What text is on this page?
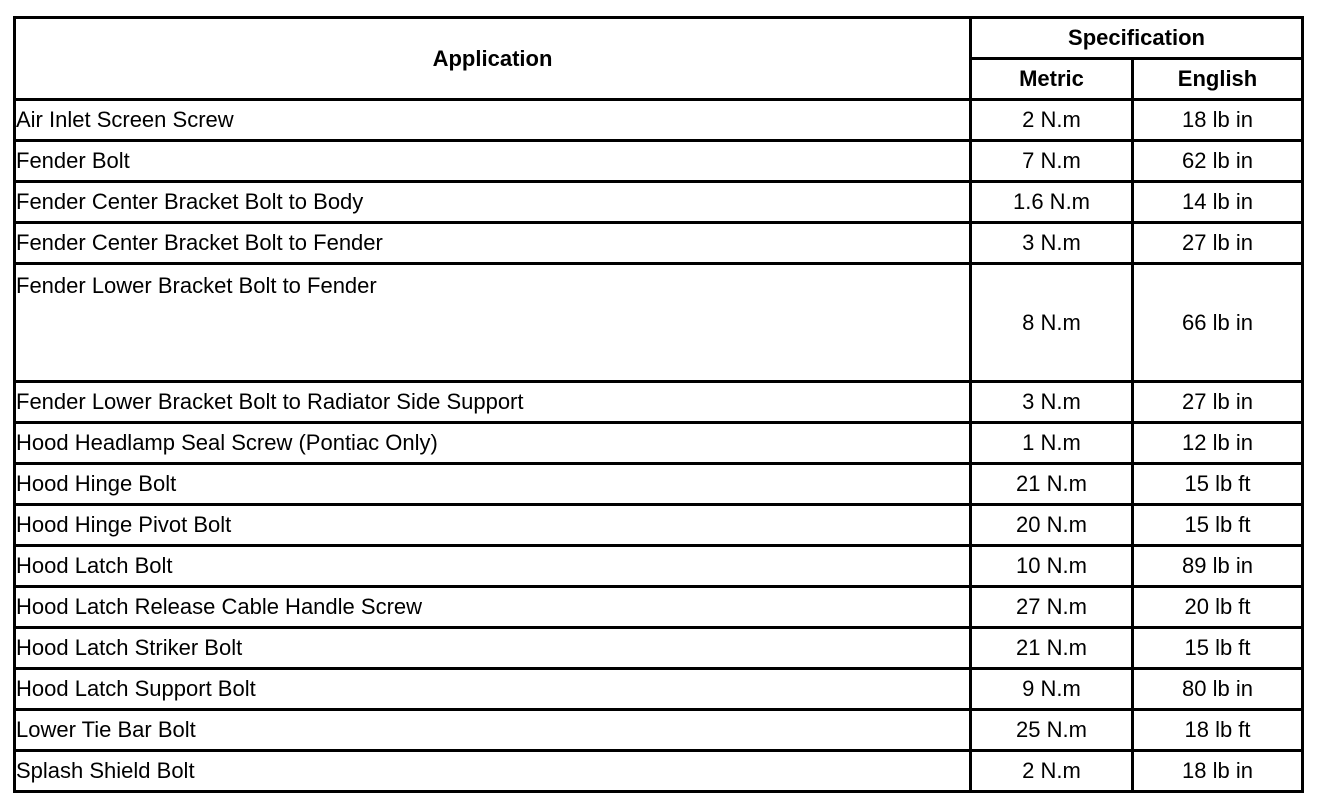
Application	Specification	
	Metric	English
Air Inlet Screen Screw	2 N.m	18 lb in
Fender Bolt	7 N.m	62 lb in
Fender Center Bracket Bolt to Body	1.6 N.m	14 lb in
Fender Center Bracket Bolt to Fender	3 N.m	27 lb in
Fender Lower Bracket Bolt to Fender	8 N.m	66 lb in
Fender Lower Bracket Bolt to Radiator Side Support	3 N.m	27 lb in
Hood Headlamp Seal Screw (Pontiac Only)	1 N.m	12 lb in
Hood Hinge Bolt	21 N.m	15 lb ft
Hood Hinge Pivot Bolt	20 N.m	15 lb ft
Hood Latch Bolt	10 N.m	89 lb in
Hood Latch Release Cable Handle Screw	27 N.m	20 lb ft
Hood Latch Striker Bolt	21 N.m	15 lb ft
Hood Latch Support Bolt	9 N.m	80 lb in
Lower Tie Bar Bolt	25 N.m	18 lb ft
Splash Shield Bolt	2 N.m	18 lb in
